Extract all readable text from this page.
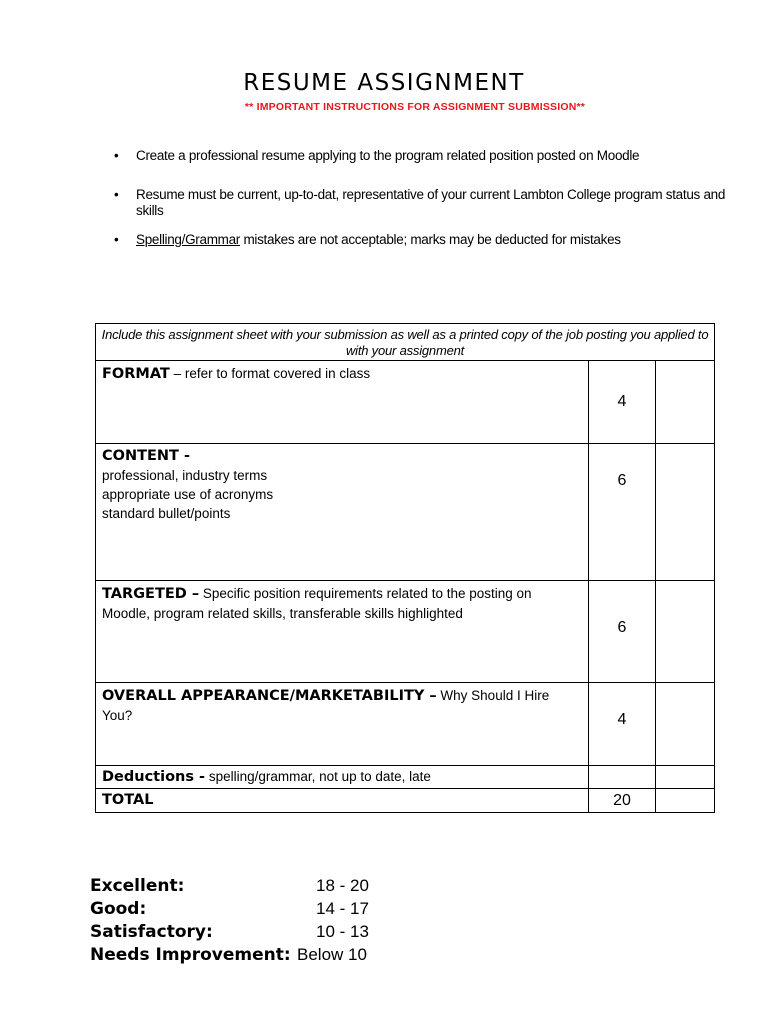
RESUME ASSIGNMENT
** IMPORTANT INSTRUCTIONS FOR ASSIGNMENT SUBMISSION**
• Create a professional resume applying to the program related position posted on Moodle
• Resume must be current, up-to-dat, representative of your current Lambton College program status and skills
• Spelling/Grammar mistakes are not acceptable; marks may be deducted for mistakes
Include this assignment sheet with your submission as well as a printed copy of the job posting you applied to with your assignment		
FORMAT – refer to format covered in class	4	

CONTENT -
professional, industry terms
appropriate use of acronyms
standard bullet/points	6	
TARGETED – Specific position requirements related to the posting on Moodle, program related skills, transferable skills highlighted	6	
OVERALL APPEARANCE/MARKETABILITY – Why Should I Hire You?	4	
Deductions - spelling/grammar, not up to date, late		
TOTAL	20	
Excellent:	18 - 20
Good:	14 - 17
Satisfactory:	10 - 13
Needs Improvement: Below 10
